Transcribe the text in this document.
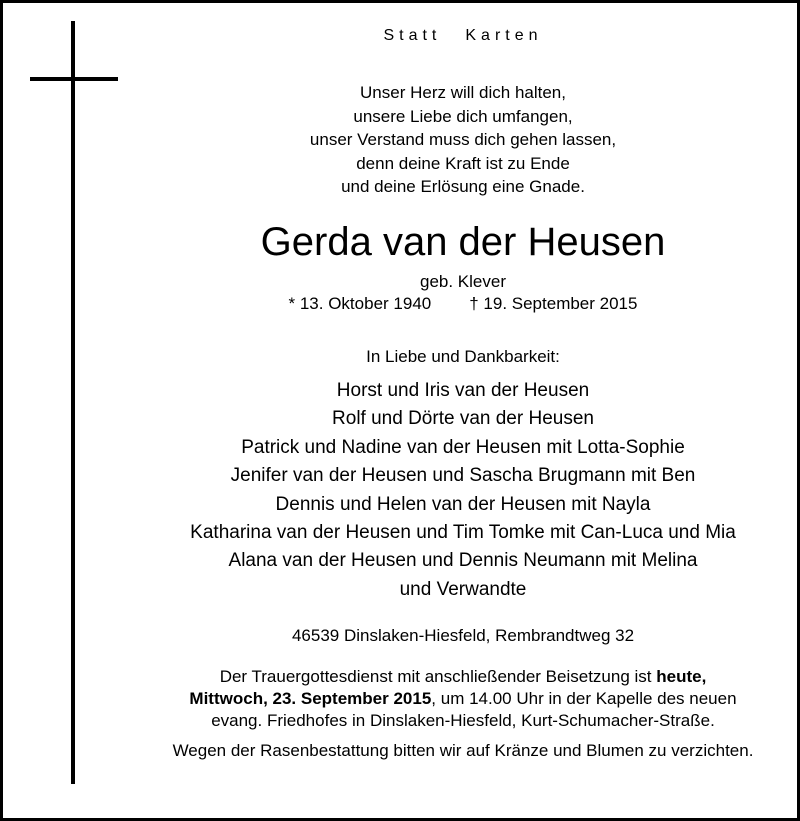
Statt Karten
Unser Herz will dich halten,
unsere Liebe dich umfangen,
unser Verstand muss dich gehen lassen,
denn deine Kraft ist zu Ende
und deine Erlösung eine Gnade.
Gerda van der Heusen
geb. Klever
* 13. Oktober 1940 † 19. September 2015
In Liebe und Dankbarkeit:
Horst und Iris van der Heusen
Rolf und Dörte van der Heusen
Patrick und Nadine van der Heusen mit Lotta-Sophie
Jenifer van der Heusen und Sascha Brugmann mit Ben
Dennis und Helen van der Heusen mit Nayla
Katharina van der Heusen und Tim Tomke mit Can-Luca und Mia
Alana van der Heusen und Dennis Neumann mit Melina
und Verwandte
46539 Dinslaken-Hiesfeld, Rembrandtweg 32
Der Trauergottesdienst mit anschließender Beisetzung ist heute,
Mittwoch, 23. September 2015, um 14.00 Uhr in der Kapelle des neuen
evang. Friedhofes in Dinslaken-Hiesfeld, Kurt-Schumacher-Straße.
Wegen der Rasenbestattung bitten wir auf Kränze und Blumen zu verzichten.
